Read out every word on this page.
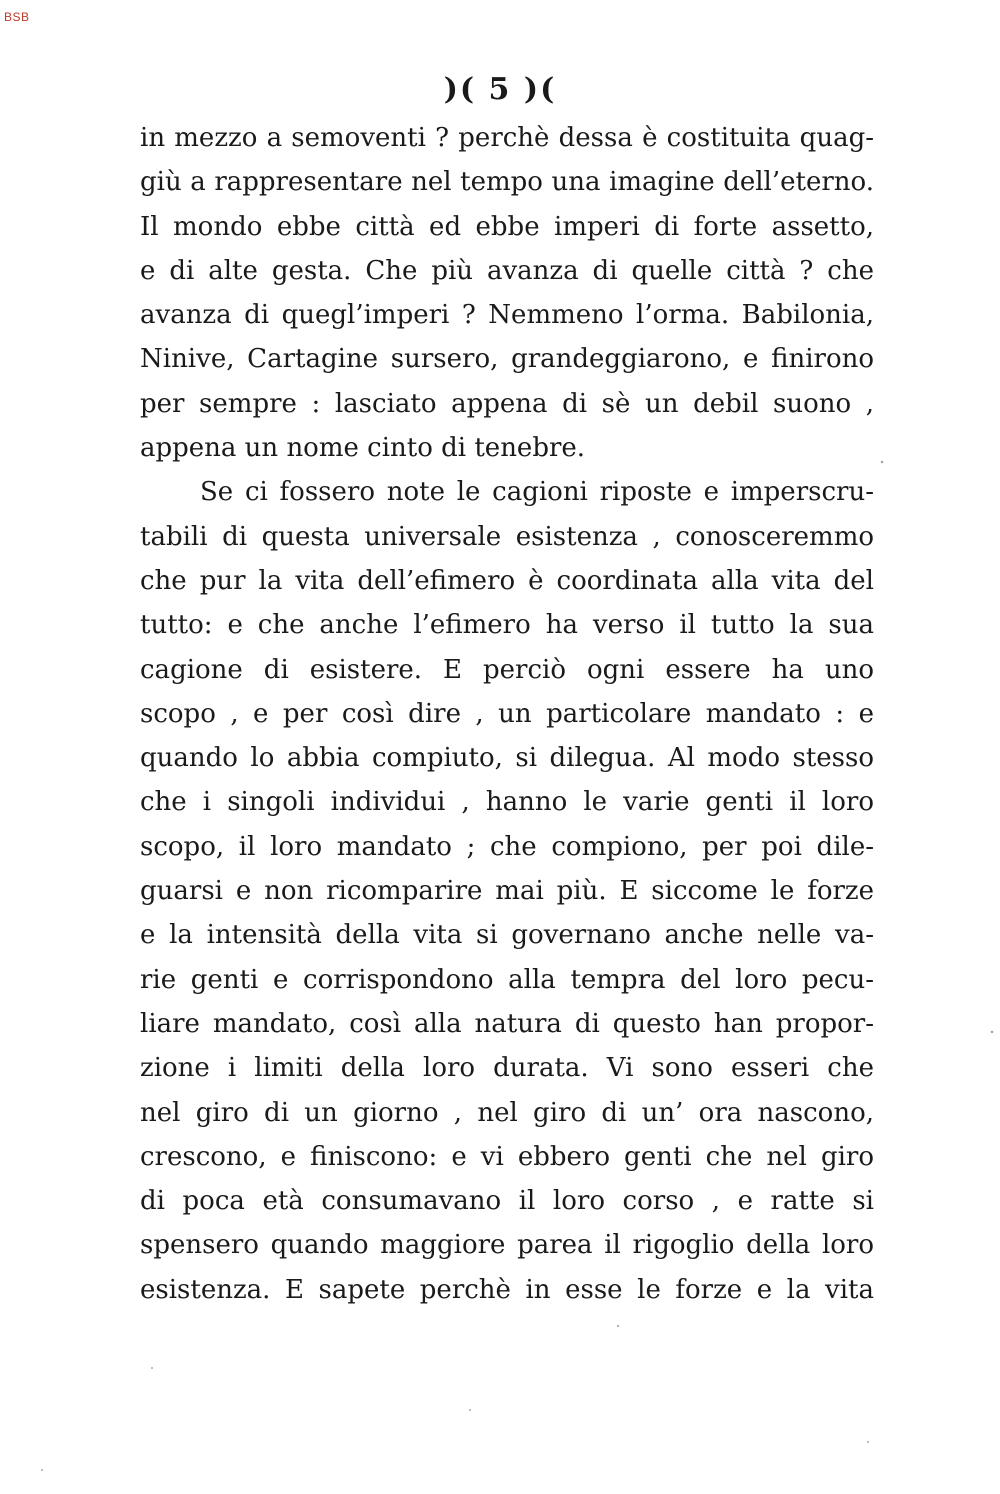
BSB
)( 5 )(
in mezzo a semoventi ? perchè dessa è costituita quag-
giù a rappresentare nel tempo una imagine dell’eterno.
Il mondo ebbe città ed ebbe imperi di forte assetto,
e di alte gesta. Che più avanza di quelle città ? che
avanza di quegl’imperi ? Nemmeno l’orma. Babilonia,
Ninive, Cartagine sursero, grandeggiarono, e finirono
per sempre : lasciato appena di sè un debil suono ,
appena un nome cinto di tenebre.
Se ci fossero note le cagioni riposte e imperscru-
tabili di questa universale esistenza , conosceremmo
che pur la vita dell’efimero è coordinata alla vita del
tutto: e che anche l’efimero ha verso il tutto la sua
cagione di esistere. E perciò ogni essere ha uno
scopo , e per così dire , un particolare mandato : e
quando lo abbia compiuto, si dilegua. Al modo stesso
che i singoli individui , hanno le varie genti il loro
scopo, il loro mandato ; che compiono, per poi dile-
guarsi e non ricomparire mai più. E siccome le forze
e la intensità della vita si governano anche nelle va-
rie genti e corrispondono alla tempra del loro pecu-
liare mandato, così alla natura di questo han propor-
zione i limiti della loro durata. Vi sono esseri che
nel giro di un giorno , nel giro di un’ ora nascono,
crescono, e finiscono: e vi ebbero genti che nel giro
di poca età consumavano il loro corso , e ratte si
spensero quando maggiore parea il rigoglio della loro
esistenza. E sapete perchè in esse le forze e la vita
